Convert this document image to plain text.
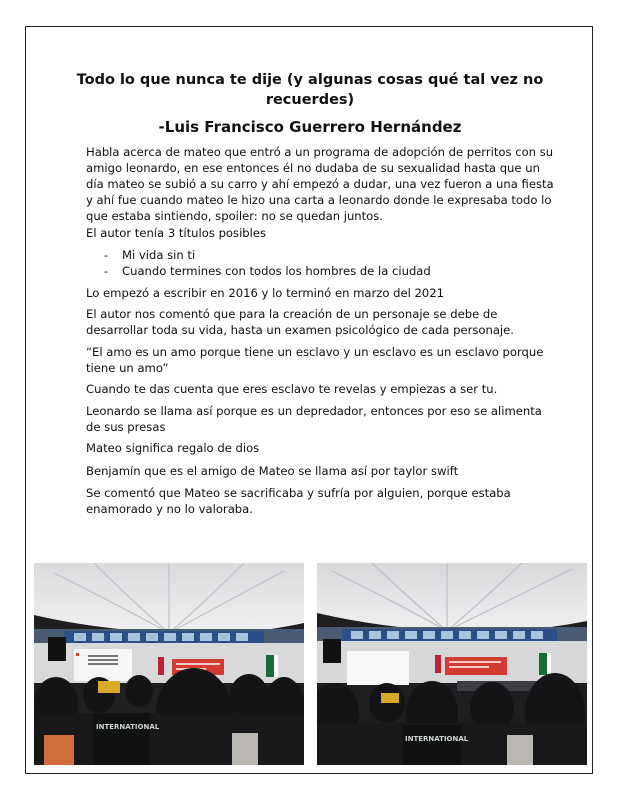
Todo lo que nunca te dije (y algunas cosas qué tal vez no recuerdes)
-Luis Francisco Guerrero Hernández

Habla acerca de mateo que entró a un programa de adopción de perritos con su amigo leonardo, en ese entonces él no dudaba de su sexualidad hasta que un día mateo se subió a su carro y ahí empezó a dudar, una vez fueron a una fiesta y ahí fue cuando mateo le hizo una carta a leonardo donde le expresaba todo lo que estaba sintiendo, spoiler: no se quedan juntos.

El autor tenía 3 títulos posibles

- Mi vida sin ti
- Cuando termines con todos los hombres de la ciudad

Lo empezó a escribir en 2016 y lo terminó en marzo del 2021

El autor nos comentó que para la creación de un personaje se debe de desarrollar toda su vida, hasta un examen psicológico de cada personaje.

“El amo es un amo porque tiene un esclavo y un esclavo es un esclavo porque tiene un amo”

Cuando te das cuenta que eres esclavo te revelas y empiezas a ser tu.

Leonardo se llama así porque es un depredador, entonces por eso se alimenta de sus presas

Mateo significa regalo de dios

Benjamín que es el amigo de Mateo se llama así por taylor swift

Se comentó que Mateo se sacrificaba y sufría por alguien, porque estaba enamorado y no lo valoraba.

INTERNATIONAL
INTERNATIONAL
